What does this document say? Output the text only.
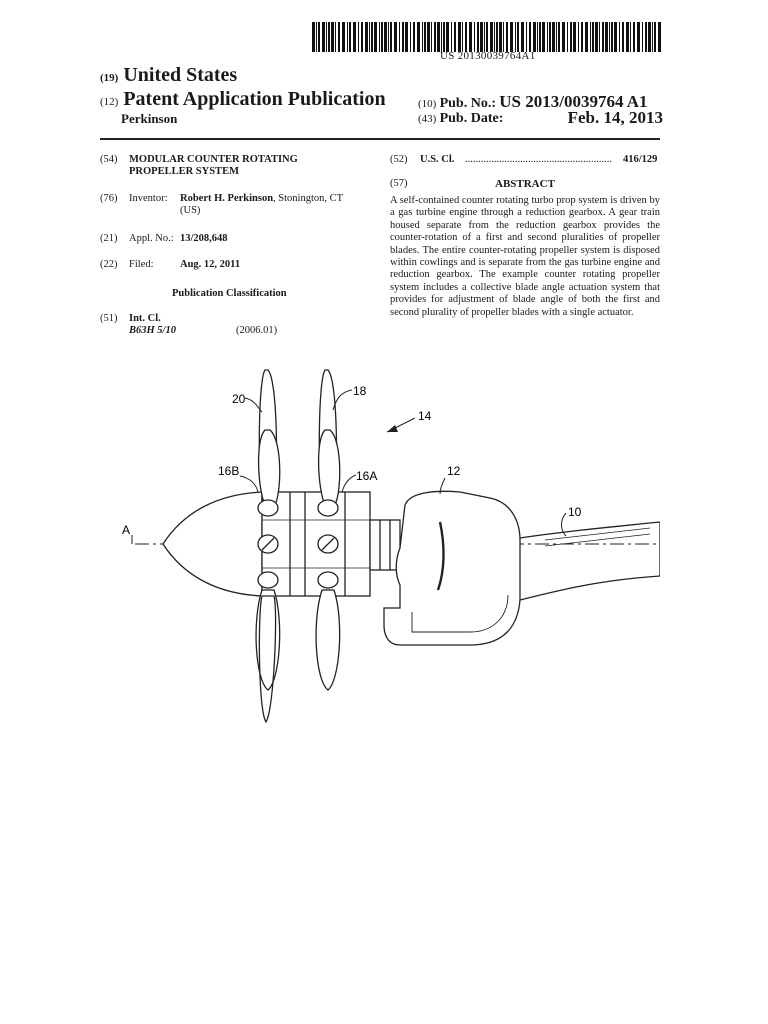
US 20130039764A1
(19) United States
(12) Patent Application Publication
Perkinson
(10) Pub. No.: US 2013/0039764 A1
(43) Pub. Date:	Feb. 14, 2013
(54) MODULAR COUNTER ROTATING
PROPELLER SYSTEM
(76) Inventor: Robert H. Perkinson, Stonington, CT
(US)
(21) Appl. No.: 13/208,648
(22) Filed:	Aug. 12, 2011
Publication Classification
(51) Int. Cl.
B63H 5/10	(2006.01)
(52) U.S. Cl. ........................................................	416/129
(57)	ABSTRACT
A self-contained counter rotating turbo prop system is driven by a gas turbine engine through a reduction gearbox. A gear train housed separate from the reduction gearbox provides the counter-rotation of a first and second pluralities of propeller blades. The entire counter-rotating propeller system is disposed within cowlings and is separate from the gas turbine engine and reduction gearbox. The example counter rotating propeller system includes a collective blade angle actuation system that provides for adjustment of blade angle of both the first and second plurality of propeller blades with a single actuator.
20
18
14
16B	16A	12
10
A
